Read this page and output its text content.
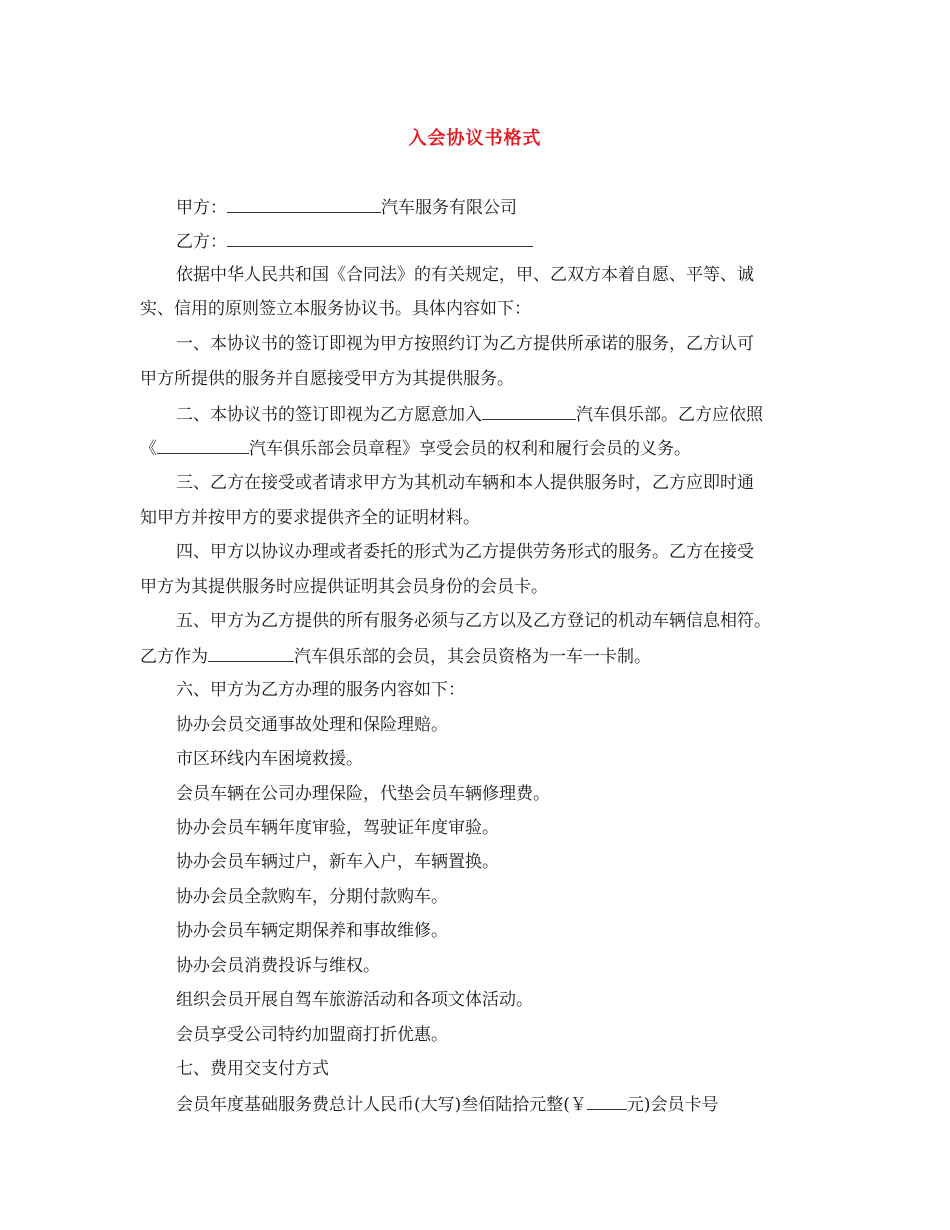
入会协议书格式
甲方：	汽车服务有限公司
乙方：
依据中华人民共和国《合同法》的有关规定，甲、乙双方本着自愿、平等、诚
实、信用的原则签立本服务协议书。具体内容如下：
一、本协议书的签订即视为甲方按照约订为乙方提供所承诺的服务，乙方认可
甲方所提供的服务并自愿接受甲方为其提供服务。
二、本协议书的签订即视为乙方愿意加入	汽车俱乐部。乙方应依照
《	汽车俱乐部会员章程》享受会员的权利和履行会员的义务。
三、乙方在接受或者请求甲方为其机动车辆和本人提供服务时，乙方应即时通
知甲方并按甲方的要求提供齐全的证明材料。
四、甲方以协议办理或者委托的形式为乙方提供劳务形式的服务。乙方在接受
甲方为其提供服务时应提供证明其会员身份的会员卡。
五、甲方为乙方提供的所有服务必须与乙方以及乙方登记的机动车辆信息相符。
乙方作为	汽车俱乐部的会员，其会员资格为一车一卡制。
六、甲方为乙方办理的服务内容如下：
协办会员交通事故处理和保险理赔。
市区环线内车困境救援。
会员车辆在公司办理保险，代垫会员车辆修理费。
协办会员车辆年度审验，驾驶证年度审验。
协办会员车辆过户，新车入户，车辆置换。
协办会员全款购车，分期付款购车。
协办会员车辆定期保养和事故维修。
协办会员消费投诉与维权。
组织会员开展自驾车旅游活动和各项文体活动。
会员享受公司特约加盟商打折优惠。
七、费用交支付方式
会员年度基础服务费总计人民币(大写)叁佰陆拾元整(￥ 元)会员卡号
